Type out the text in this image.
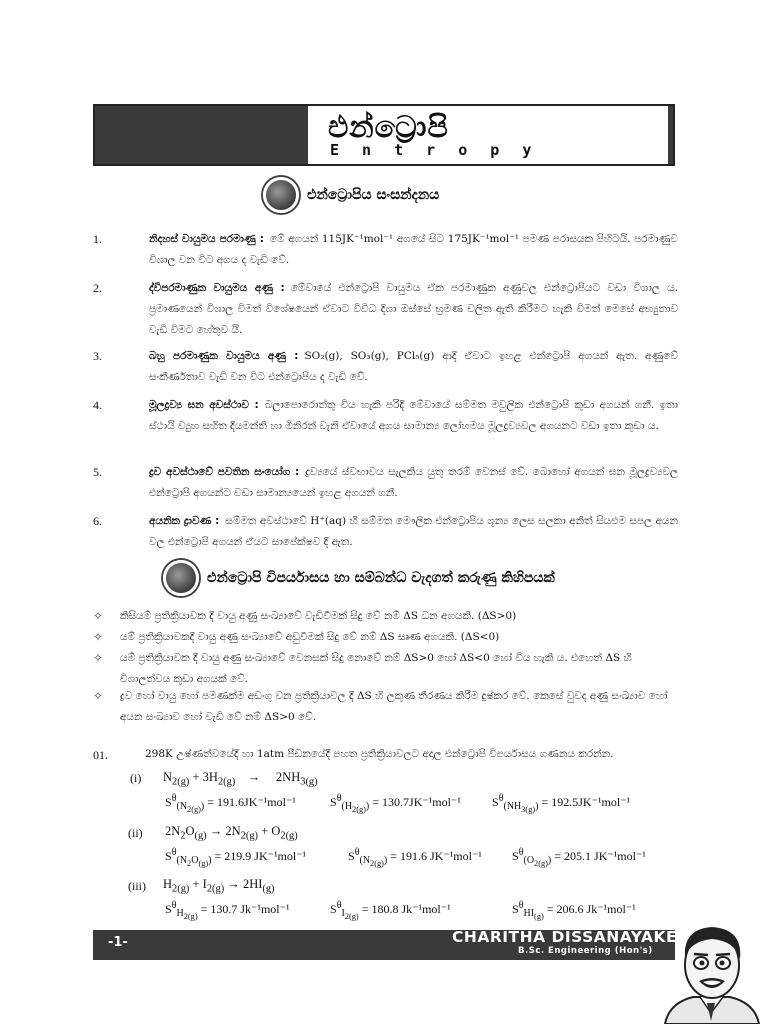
එන්ට්‍රොපි
E n t r o p y
එන්ට්‍රොපිය සංසන්දනය
1.	නිදහස් වායුමය පරමාණු : මේ අගයන් 115JK⁻¹mol⁻¹ අගයේ සිට 175JK⁻¹mol⁻¹ පමණ පරාසයක පිහිටයි. පරමාණුව විශාල වන විට අගය ද වැඩි වේ.
2.	ද්විපරමාණුක වායුමය අණු : මේවායේ එන්ට්‍රොපි වායුමය ඒක පරමාණුක අණුවල එන්ට්‍රොපියට වඩා විශාල ය. ප්‍රමාණයෙන් විශාල විමත් විශේෂයෙන් ඒවාට විවිධ දිශා ඔස්සේ භ්‍රමණ චලිත ඇති කිරීමට හැකි විමත් මෙසේ අභ්‍යුතාව වැඩි විමට හේතුව යි.
3.	බහු පරමාණුක වායුමය අණු : SO₂(g), SO₃(g), PCl₅(g) ආදි ඒවාට ඉහළ එන්ට්‍රොපි අගයන් ඇත. අණුවේ සංකීර්ණතාව වැඩි වන විට එන්ට්‍රොපිය ද වැඩි වේ.
4.	මූලද්‍රව්‍ය ඝන අවස්ථාව : බලාපොරොත්තු විය හැකි පරිදි මේවායේ සම්මත මවුලික එන්ට්‍රොපි කුඩා අගයන් ගනී. ඉතා ස්ථායි ව්‍යුහ සහිත දියමන්ති හා මිනිරන් වැනි ඒවායේ අගය සාමාන්‍ය ලෝහමය මූලද්‍රව්‍යවල අගයනට වඩා ඉතා කුඩා ය.
5.	ද්‍රව අවස්ථාවේ පවතින සංයෝග : ද්‍රව්‍යයේ ස්වභාවය සැලකිය යුතු තරම් වෙනස් වේ. බොහෝ අගයන් ඝන මූලද්‍රව්‍යවල එන්ට්‍රොපි අගයන්ට වඩා සාමාන්‍යයෙන් ඉහළ අගයන් ගනී.
6.	අයනික ද්‍රාවණ : සම්මත අවස්ථාවේ H⁺(aq) හි සම්මත මෞලික එන්ට්‍රොපිය ශූන්‍ය ලෙස සලකා අනිත් සියළුම සපල අයන වල එන්ට්‍රොපි අගයන් ඒයට සාපේක්ෂව දී ඇත.
එන්ට්‍රොපි විපර්යාසය හා සම්බන්ධ වැදගත් කරුණු කිහිපයක්
✧ කිසියම් ප්‍රතික්‍රියාවක දී වායු අණු සංඛ්‍යාවේ වැඩිවීමක් සිදු වේ නම් ΔS ධන අගයකි. (ΔS>0)
✧ යම් ප්‍රතික්‍රියාවකදී වායු අණු සංඛ්‍යාවේ අඩුවීමක් සිදු වේ නම් ΔS සෘණ අගයකි. (ΔS<0)
✧ යම් ප්‍රතික්‍රියාවක දී වායු අණු සංඛ්‍යාවේ වෙනසක් සිදු නොවේ නම් ΔS>0 හෝ ΔS<0 හෝ විය හැකි ය. එහෙත් ΔS හි විශාලත්වය කුඩා අගයක් වේ.
✧ ද්‍රව හෝ වායු හෝ පමණක්ම අඩංගු වන ප්‍රතික්‍රියාවල දී ΔS හි ලකුණ තීරණය කිරීම දුෂ්කර වේ. කෙසේ වුවද අණු සංඛ්‍යාව හෝ අයන සංඛ්‍යාව හෝ වැඩි වේ නම් ΔS>0 වේ.
01.	298K උෂ්ණත්වයේදී හා 1atm පීඩනයේදී පහත ප්‍රතික්‍රියාවලට අදාල එන්ට්‍රොපි විපර්යාසය ගණනය කරන්න.
(i) $N_{2(g)} + 3H_{2(g)}$    →     $2NH_{3(g)}$
$S^\theta_{(N_{2(g)})} = 191.6JK^{-1}mol^{-1}$	$S^\theta_{(H_{2(g)})} = 130.7JK^{-1}mol^{-1}$	$S^\theta_{(NH_{3(g)})} = 192.5JK^{-1}mol^{-1}$
(ii) $2N_2O_{(g)} \to 2N_{2(g)} + O_{2(g)}$
$S^\theta_{(N_2O_{(g)})} = 219.9$ JK⁻¹mol⁻¹	$S^\theta_{(N_{2(g)})} = 191.6$ JK⁻¹mol⁻¹	$S^\theta_{(O_{2(g)})} = 205.1$ JK⁻¹mol⁻¹
(iii) $H_{2(g)} + I_{2(g)} \to 2HI_{(g)}$
$S^\theta_{H_{2(g)}} = 130.7$ Jk⁻¹mol⁻¹	$S^\theta_{I_{2(g)}} = 180.8$ Jk⁻¹mol⁻¹	$S^\theta_{HI_{(g)}} = 206.6$ Jk⁻¹mol⁻¹
-1-	CHARITHA DISSANAYAKE
B.Sc. Engineering (Hon's)
